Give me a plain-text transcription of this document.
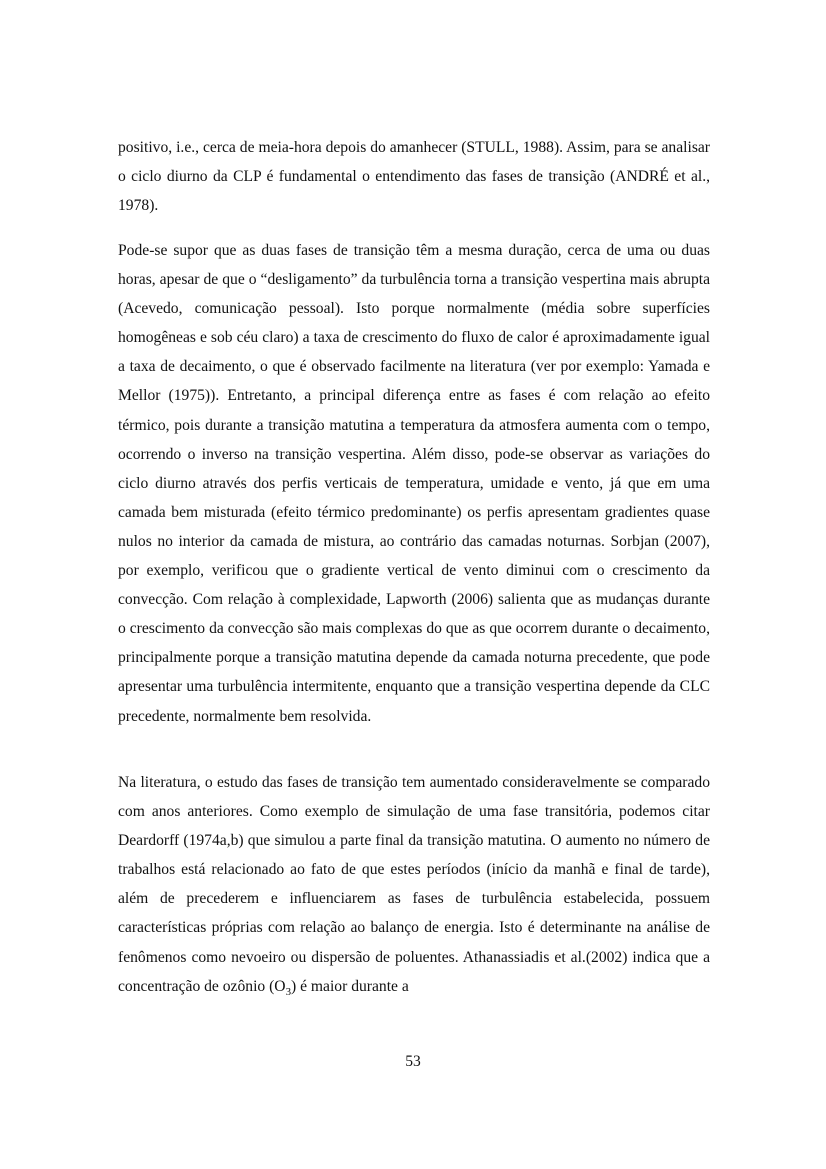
positivo, i.e., cerca de meia-hora depois do amanhecer (STULL, 1988). Assim, para se analisar o ciclo diurno da CLP é fundamental o entendimento das fases de transição (ANDRÉ et al., 1978).

Pode-se supor que as duas fases de transição têm a mesma duração, cerca de uma ou duas horas, apesar de que o “desligamento” da turbulência torna a transição vespertina mais abrupta (Acevedo, comunicação pessoal). Isto porque normalmente (média sobre superfícies homogêneas e sob céu claro) a taxa de crescimento do fluxo de calor é aproximadamente igual a taxa de decaimento, o que é observado facilmente na literatura (ver por exemplo: Yamada e Mellor (1975)). Entretanto, a principal diferença entre as fases é com relação ao efeito térmico, pois durante a transição matutina a temperatura da atmosfera aumenta com o tempo, ocorrendo o inverso na transição vespertina. Além disso, pode-se observar as variações do ciclo diurno através dos perfis verticais de temperatura, umidade e vento, já que em uma camada bem misturada (efeito térmico predominante) os perfis apresentam gradientes quase nulos no interior da camada de mistura, ao contrário das camadas noturnas. Sorbjan (2007), por exemplo, verificou que o gradiente vertical de vento diminui com o crescimento da convecção. Com relação à complexidade, Lapworth (2006) salienta que as mudanças durante o crescimento da convecção são mais complexas do que as que ocorrem durante o decaimento, principalmente porque a transição matutina depende da camada noturna precedente, que pode apresentar uma turbulência intermitente, enquanto que a transição vespertina depende da CLC precedente, normalmente bem resolvida.

Na literatura, o estudo das fases de transição tem aumentado consideravelmente se comparado com anos anteriores. Como exemplo de simulação de uma fase transitória, podemos citar Deardorff (1974a,b) que simulou a parte final da transição matutina. O aumento no número de trabalhos está relacionado ao fato de que estes períodos (início da manhã e final de tarde), além de precederem e influenciarem as fases de turbulência estabelecida, possuem características próprias com relação ao balanço de energia. Isto é determinante na análise de fenômenos como nevoeiro ou dispersão de poluentes. Athanassiadis et al.(2002) indica que a concentração de ozônio $(O_3)$ é maior durante a

53
